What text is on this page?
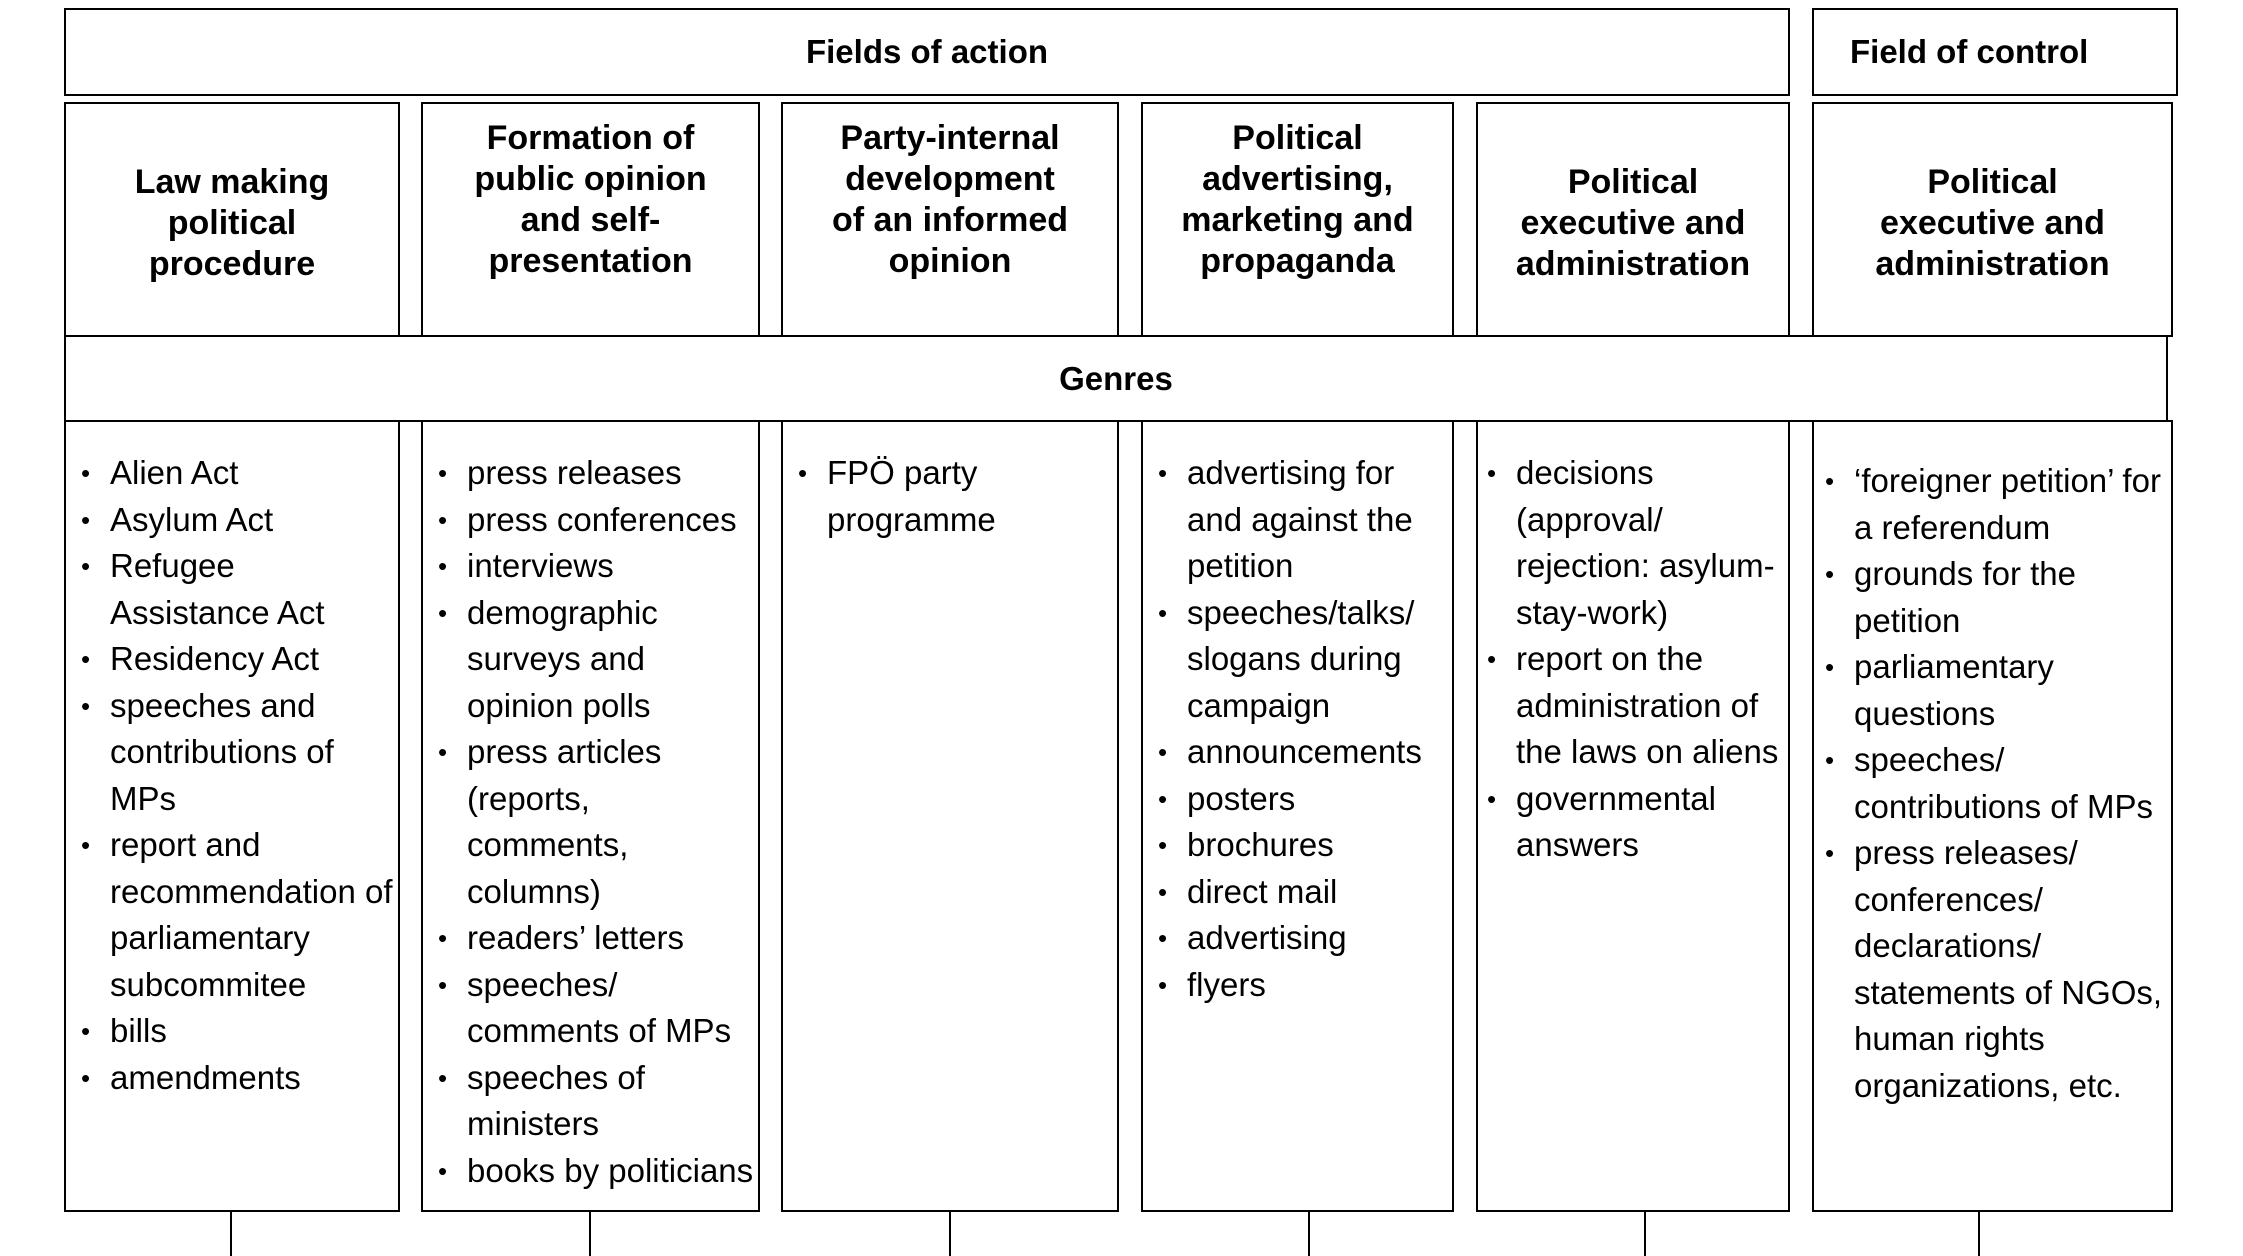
Fields of action	Field of control
Law making
political
procedure
Formation of
public opinion
and self-
presentation
Party-internal
development
of an informed
opinion
Political
advertising,
marketing and
propaganda
Political
executive and
administration
Political
executive and
administration
• Alien Act
• Asylum Act
• Refugee Assistance Act
• Residency Act
• speeches and contributions of MPs
• report and recommendation of parliamentary subcommitee
• bills
• amendments
• press releases
• press conferences
• interviews
• demographic surveys and opinion polls
• press articles (reports, comments, columns)
• readers’ letters
• speeches/ comments of MPs
• speeches of ministers
• books by politicians
• FPÖ party programme
• advertising for and against the petition
• speeches/talks/ slogans during campaign
• announcements
• posters
• brochures
• direct mail
• advertising
• flyers
• decisions (approval/ rejection: asylum-stay-work)
• report on the administration of the laws on aliens
• governmental answers
• ‘foreigner petition’ for a referendum
• grounds for the petition
• parliamentary questions
• speeches/ contributions of MPs
• press releases/ conferences/ declarations/ statements of NGOs, human rights organizations, etc.
Genres
